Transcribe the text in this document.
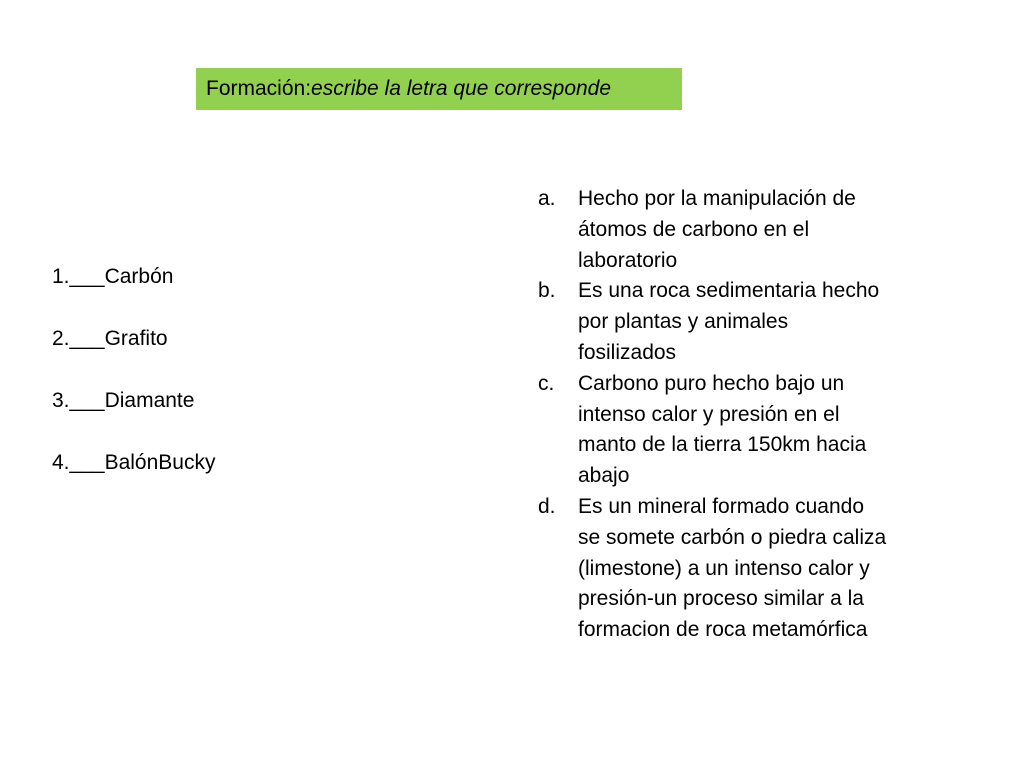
Formación: escribe la letra que corresponde
1.___Carbón
2.___Grafito
3.___Diamante
4.___BalónBucky
a.	Hecho por la manipulación de átomos de carbono en el laboratorio
b.	Es una roca sedimentaria hecho por plantas y animales fosilizados
c.	Carbono puro hecho bajo un intenso calor y presión en el manto de la tierra 150km hacia abajo
d.	Es un mineral formado cuando se somete carbón o piedra caliza (limestone) a un intenso calor y presión-un proceso similar a la formacion de roca metamórfica
